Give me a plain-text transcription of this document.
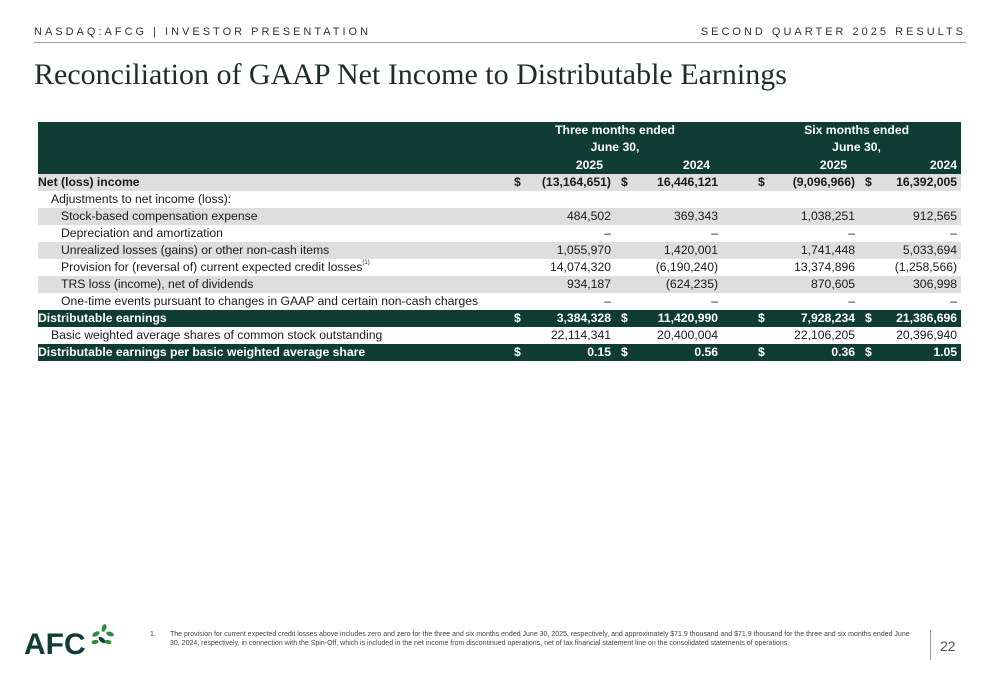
NASDAQ:AFCG | INVESTOR PRESENTATION	SECOND QUARTER 2025 RESULTS
Reconciliation of GAAP Net Income to Distributable Earnings
	Three months ended					Six months ended			
	June 30,					June 30,			
		2025		2024			2025		2024
Net (loss) income	$	(13,164,651)	$	16,446,121		$	(9,096,966)	$	16,392,005
Adjustments to net income (loss):									
Stock-based compensation expense		484,502		369,343			1,038,251		912,565
Depreciation and amortization		–		–			–		–
Unrealized losses (gains) or other non-cash items		1,055,970		1,420,001			1,741,448		5,033,694
Provision for (reversal of) current expected credit losses$^{(1)}$		14,074,320		(6,190,240)			13,374,896		(1,258,566)
TRS loss (income), net of dividends		934,187		(624,235)			870,605		306,998
One-time events pursuant to changes in GAAP and certain non-cash charges		–		–			–		–
Distributable earnings	$	3,384,328	$	11,420,990		$	7,928,234	$	21,386,696
Basic weighted average shares of common stock outstanding		22,114,341		20,400,004			22,106,205		20,396,940
Distributable earnings per basic weighted average share	$	0.15	$	0.56		$	0.36	$	1.05
AFC	1. The provision for current expected credit losses above includes zero and zero for the three and six months ended June 30, 2025, respectively, and approximately $71.9 thousand and $71.9 thousand for the three and six months ended June 30, 2024, respectively, in connection with the Spin-Off, which is included in the net income from discontinued operations, net of tax financial statement line on the consolidated statements of operations.	22
